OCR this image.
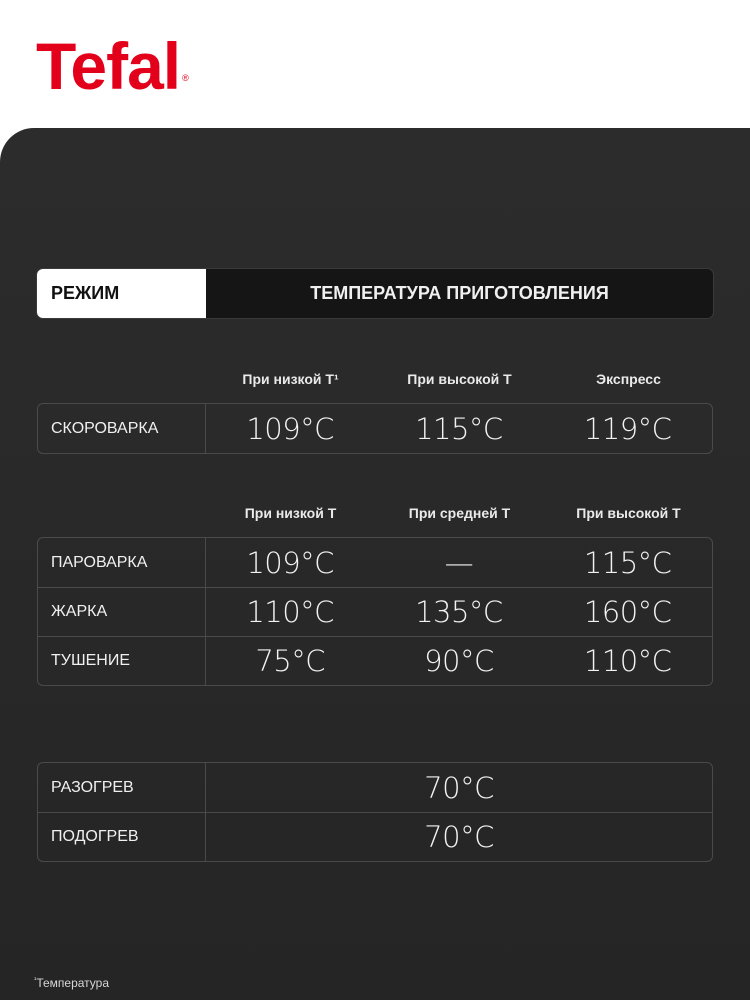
Tefal ®
РЕЖИМ	ТЕМПЕРАТУРА ПРИГОТОВЛЕНИЯ
При низкой Т¹	При высокой Т	Экспресс
СКОРОВАРКА	109°C	115°C	119°C
При низкой Т	При средней Т	При высокой Т
ПАРОВАРКА	109°C	—	115°C
ЖАРКА	110°C	135°C	160°C
ТУШЕНИЕ	75°C	90°C	110°C
РАЗОГРЕВ	70°C
ПОДОГРЕВ	70°C
$^{^1}$Температура
